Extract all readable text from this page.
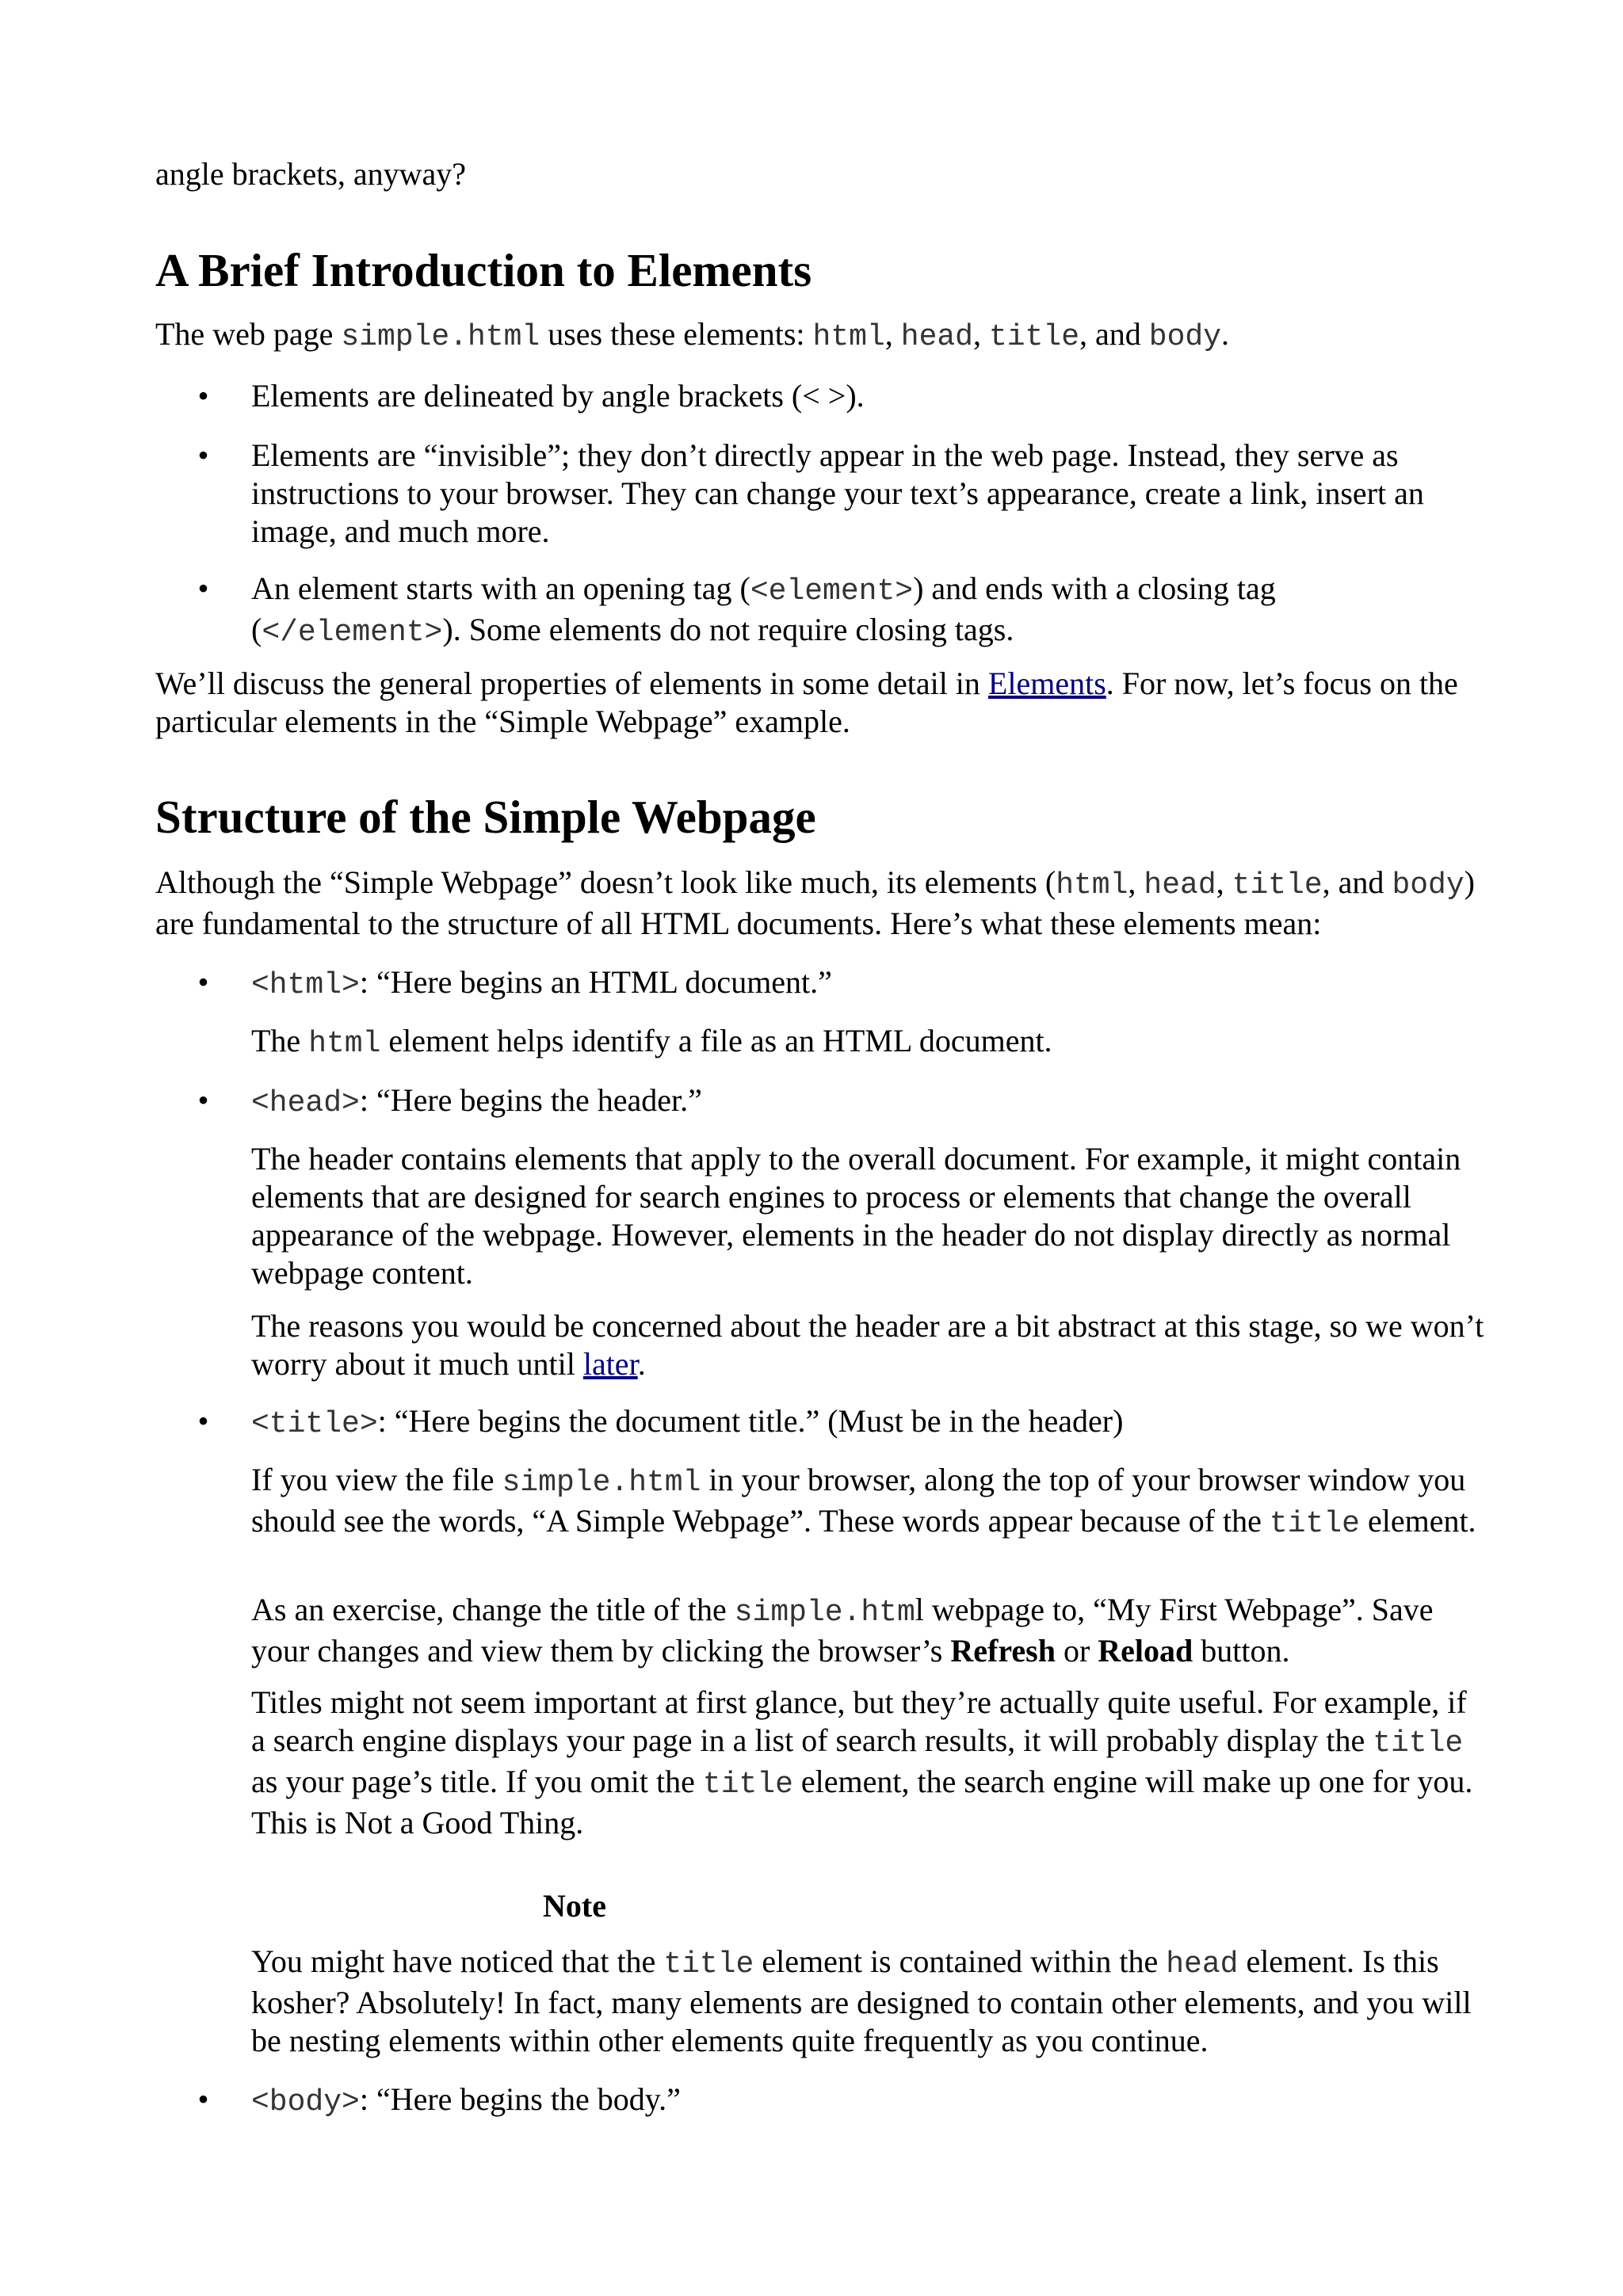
angle brackets, anyway?

A Brief Introduction to Elements

The web page simple.html uses these elements: html, head, title, and body.

•	Elements are delineated by angle brackets (< >).

•	Elements are “invisible”; they don’t directly appear in the web page. Instead, they serve as instructions to your browser. They can change your text’s appearance, create a link, insert an image, and much more.

•	An element starts with an opening tag (<element>) and ends with a closing tag (</element>). Some elements do not require closing tags.

We’ll discuss the general properties of elements in some detail in Elements. For now, let’s focus on the particular elements in the “Simple Webpage” example.

Structure of the Simple Webpage

Although the “Simple Webpage” doesn’t look like much, its elements (html, head, title, and body) are fundamental to the structure of all HTML documents. Here’s what these elements mean:

•	<html>: “Here begins an HTML document.”

The html element helps identify a file as an HTML document.

•	<head>: “Here begins the header.”

The header contains elements that apply to the overall document. For example, it might contain elements that are designed for search engines to process or elements that change the overall appearance of the webpage. However, elements in the header do not display directly as normal webpage content.

The reasons you would be concerned about the header are a bit abstract at this stage, so we won’t worry about it much until later.

•	<title>: “Here begins the document title.” (Must be in the header)

If you view the file simple.html in your browser, along the top of your browser window you should see the words, “A Simple Webpage”. These words appear because of the title element.

As an exercise, change the title of the simple.html webpage to, “My First Webpage”. Save your changes and view them by clicking the browser’s Refresh or Reload button.

Titles might not seem important at first glance, but they’re actually quite useful. For example, if a search engine displays your page in a list of search results, it will probably display the title as your page’s title. If you omit the title element, the search engine will make up one for you. This is Not a Good Thing.

Note

You might have noticed that the title element is contained within the head element. Is this kosher? Absolutely! In fact, many elements are designed to contain other elements, and you will be nesting elements within other elements quite frequently as you continue.

•	<body>: “Here begins the body.”
